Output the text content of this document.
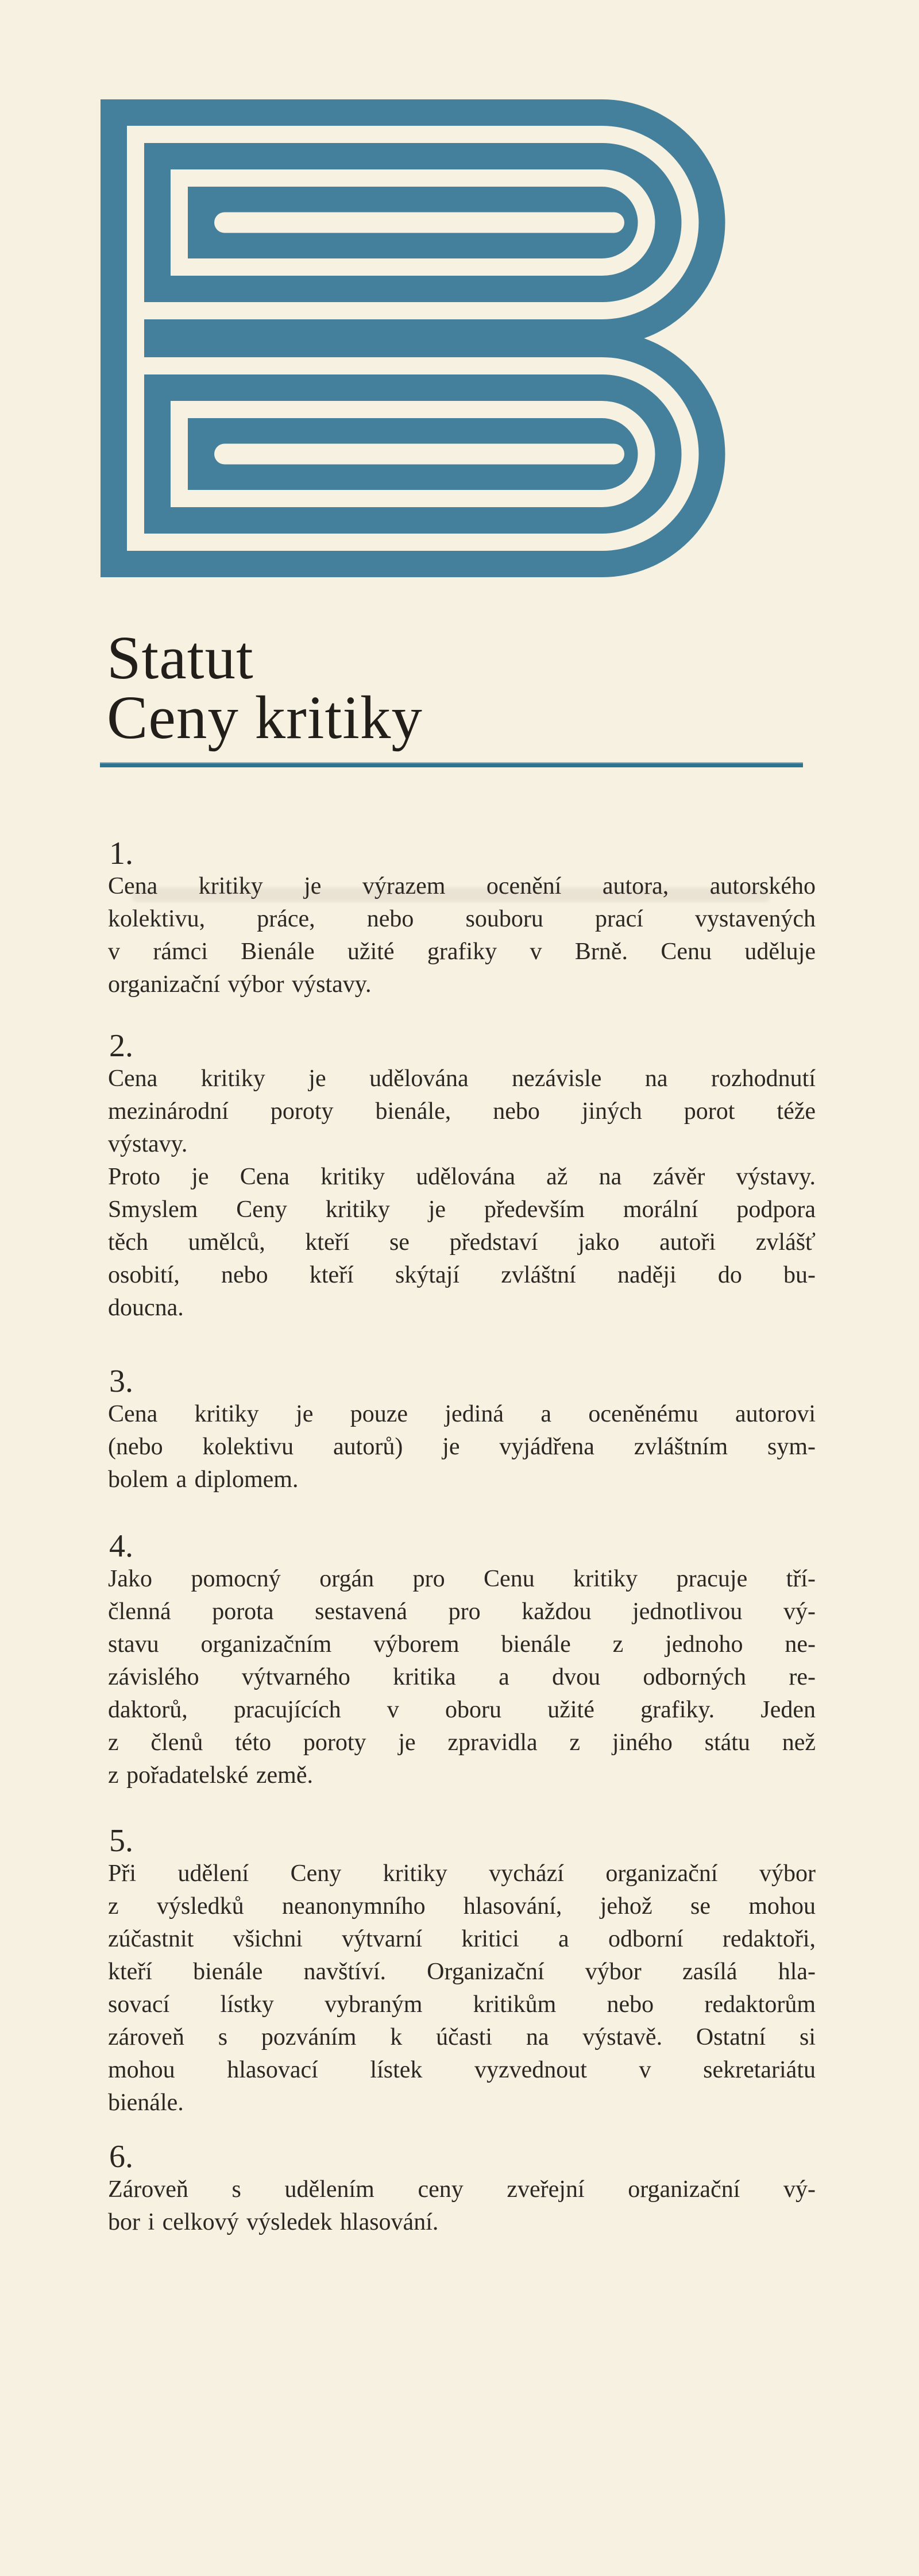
Statut
Ceny kritiky
1.
Cena kritiky je výrazem ocenění autora, autorského
kolektivu, práce, nebo souboru prací vystavených
v rámci Bienále užité grafiky v Brně. Cenu uděluje
organizační výbor výstavy.
2.
Cena kritiky je udělována nezávisle na rozhodnutí
mezinárodní poroty bienále, nebo jiných porot téže
výstavy.
Proto je Cena kritiky udělována až na závěr výstavy.
Smyslem Ceny kritiky je především morální podpora
těch umělců, kteří se představí jako autoři zvlášť
osobití, nebo kteří skýtají zvláštní naději do bu-
doucna.
3.
Cena kritiky je pouze jediná a oceněnému autorovi
(nebo kolektivu autorů) je vyjádřena zvláštním sym-
bolem a diplomem.
4.
Jako pomocný orgán pro Cenu kritiky pracuje tří-
členná porota sestavená pro každou jednotlivou vý-
stavu organizačním výborem bienále z jednoho ne-
závislého výtvarného kritika a dvou odborných re-
daktorů, pracujících v oboru užité grafiky. Jeden
z členů této poroty je zpravidla z jiného státu než
z pořadatelské země.
5.
Při udělení Ceny kritiky vychází organizační výbor
z výsledků neanonymního hlasování, jehož se mohou
zúčastnit všichni výtvarní kritici a odborní redaktoři,
kteří bienále navštíví. Organizační výbor zasílá hla-
sovací lístky vybraným kritikům nebo redaktorům
zároveň s pozváním k účasti na výstavě. Ostatní si
mohou hlasovací lístek vyzvednout v sekretariátu
bienále.
6.
Zároveň s udělením ceny zveřejní organizační vý-
bor i celkový výsledek hlasování.
